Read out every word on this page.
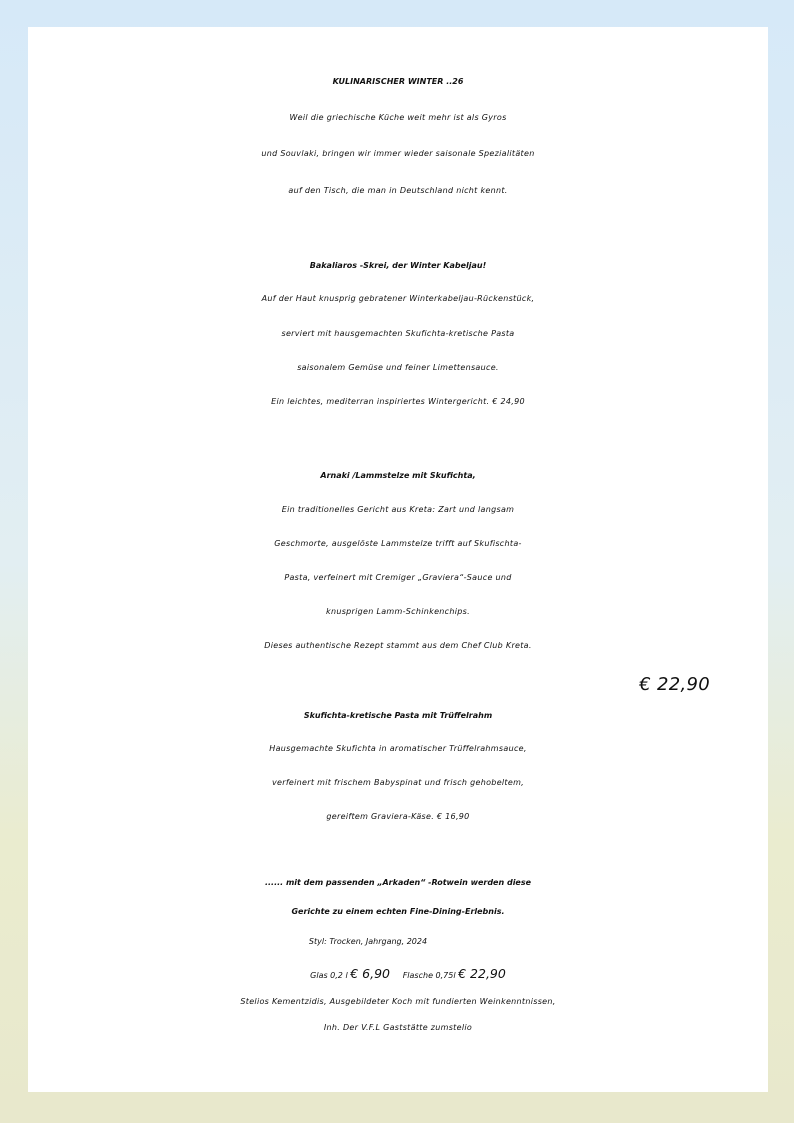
KULINARISCHER WINTER ..26
Weil die griechische Küche weit mehr ist als Gyros
und Souvlaki, bringen wir immer wieder saisonale Spezialitäten
auf den Tisch, die man in Deutschland nicht kennt.
Bakaliaros -Skrei, der Winter Kabeljau!
Auf der Haut knusprig gebratener Winterkabeljau-Rückenstück,
serviert mit hausgemachten Skufichta-kretische Pasta
saisonalem Gemüse und feiner Limettensauce.
Ein leichtes, mediterran inspiriertes Wintergericht. € 24,90
Arnaki /Lammstelze mit Skufichta,
Ein traditionelles Gericht aus Kreta: Zart und langsam
Geschmorte, ausgelöste Lammstelze trifft auf Skufischta-
Pasta, verfeinert mit Cremiger „Graviera“-Sauce und
knusprigen Lamm-Schinkenchips.
Dieses authentische Rezept stammt aus dem Chef Club Kreta.
€ 22,90
Skufichta-kretische Pasta mit Trüffelrahm
Hausgemachte Skufichta in aromatischer Trüffelrahmsauce,
verfeinert mit frischem Babyspinat und frisch gehobeltem,
gereiftem Graviera-Käse. € 16,90
...... mit dem passenden „Arkaden“ -Rotwein werden diese
Gerichte zu einem echten Fine-Dining-Erlebnis.
Styl: Trocken, Jahrgang, 2024
Glas 0,2 l € 6,90 Flasche 0,75l € 22,90
Stelios Kementzidis, Ausgebildeter Koch mit fundierten Weinkenntnissen,
Inh. Der V.F.L Gaststätte zumstelio
